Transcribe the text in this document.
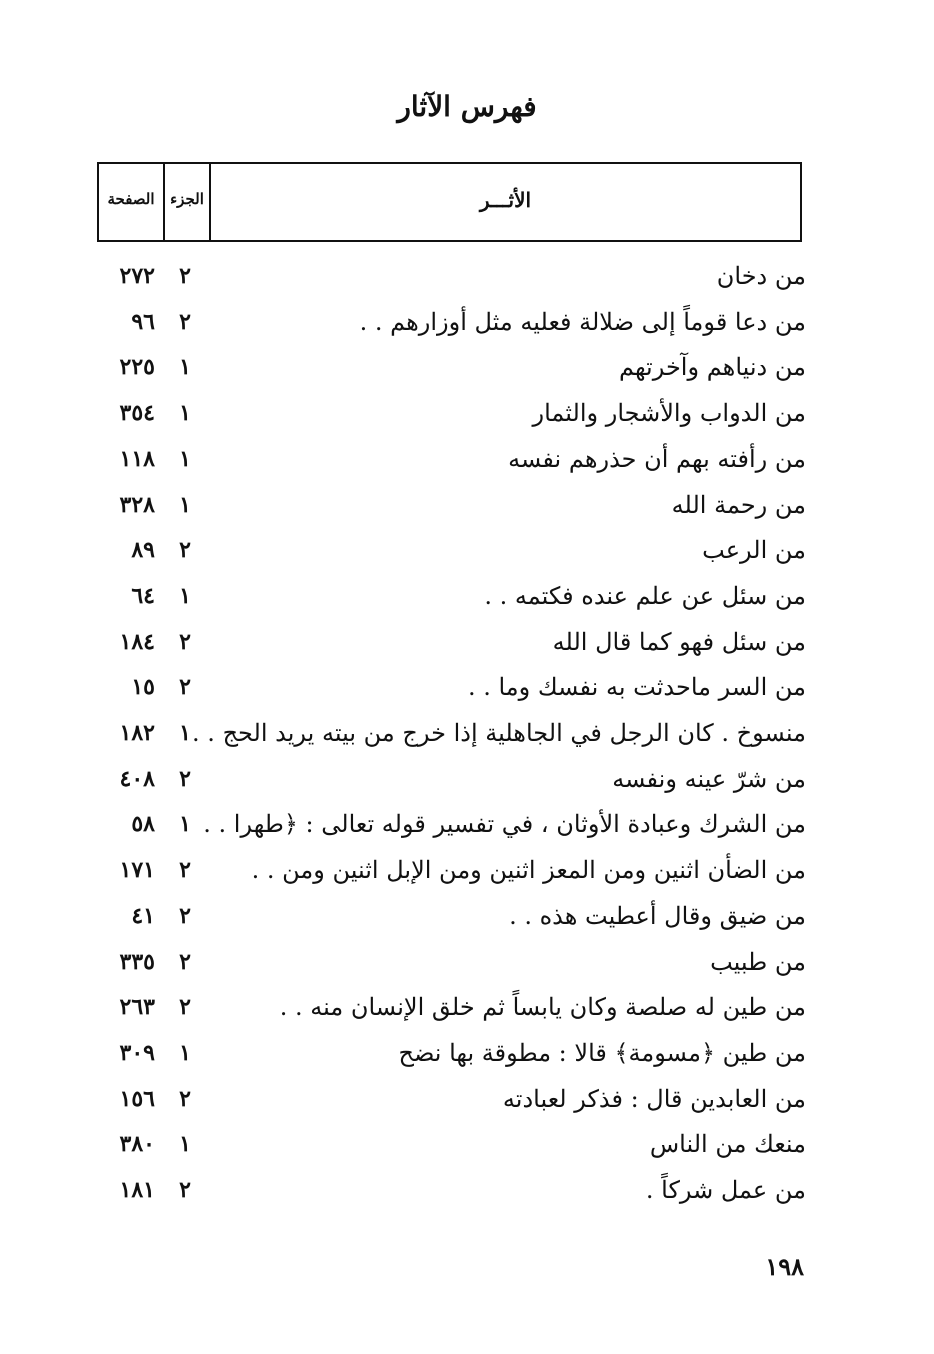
فهرس الآثار
الصفحة	الجزء	الأثـــر
من دخان
٢
٢٧٢
من دعا قوماً إلى ضلالة فعليه مثل أوزارهم . .
٢
٩٦
من دنياهم وآخرتهم
١
٢٢٥
من الدواب والأشجار والثمار
١
٣٥٤
من رأفته بهم أن حذرهم نفسه
١
١١٨
من رحمة الله
١
٣٢٨
من الرعب
٢
٨٩
من سئل عن علم عنده فكتمه . .
١
٦٤
من سئل فهو كما قال الله
٢
١٨٤
من السر ماحدثت به نفسك وما . .
٢
١٥
منسوخ . كان الرجل في الجاهلية إذا خرج من بيته يريد الحج . .
١
١٨٢
من شرّ عينه ونفسه
٢
٤٠٨
من الشرك وعبادة الأوثان ، في تفسير قوله تعالى : ﴿طهرا . .
١
٥٨
من الضأن اثنين ومن المعز اثنين ومن الإبل اثنين ومن . .
٢
١٧١
من ضيق وقال أعطيت هذه . .
٢
٤١
من طبيب
٢
٣٣٥
من طين له صلصة وكان يابساً ثم خلق الإنسان منه . .
٢
٢٦٣
من طين ﴿مسومة﴾ قالا : مطوقة بها نضح
١
٣٠٩
من العابدين قال : فذكر لعبادته
٢
١٥٦
منعك من الناس
١
٣٨٠
من عمل شركاً .
٢
١٨١
١٩٨
